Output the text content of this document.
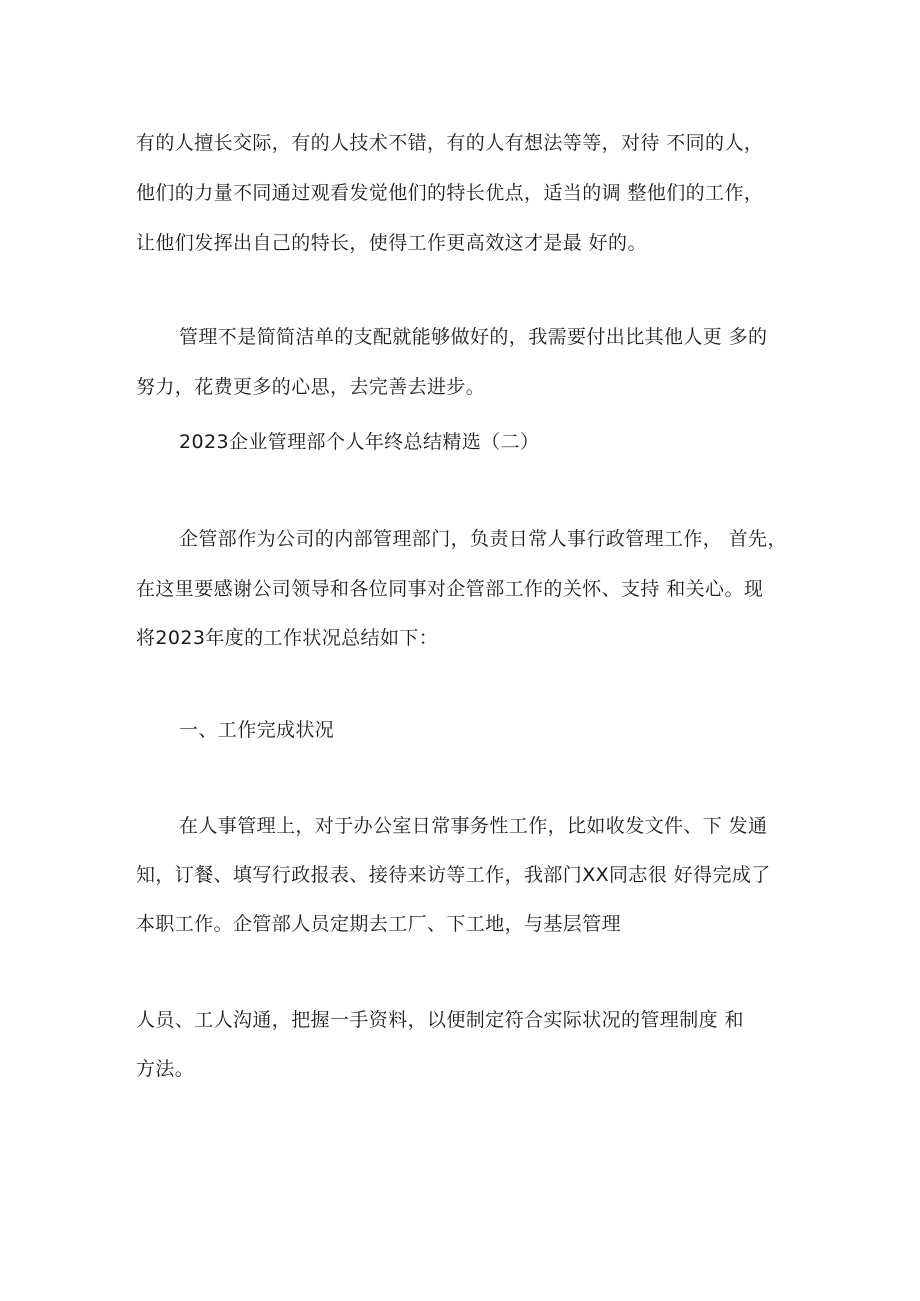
有的人擅长交际，有的人技术不错，有的人有想法等等，对待 不同的人，
他们的力量不同通过观看发觉他们的特长优点，适当的调 整他们的工作，
让他们发挥出自己的特长，使得工作更高效这才是最 好的。
管理不是简简洁单的支配就能够做好的，我需要付出比其他人更 多的
努力，花费更多的心思，去完善去进步。
2023企业管理部个人年终总结精选（二）
企管部作为公司的内部管理部门，负责日常人事行政管理工作， 首先，
在这里要感谢公司领导和各位同事对企管部工作的关怀、支持 和关心。现
将2023年度的工作状况总结如下：
一、工作完成状况
在人事管理上，对于办公室日常事务性工作，比如收发文件、下 发通
知，订餐、填写行政报表、接待来访等工作，我部门XX同志很 好得完成了
本职工作。企管部人员定期去工厂、下工地，与基层管理
人员、工人沟通，把握一手资料，以便制定符合实际状况的管理制度 和
方法。
